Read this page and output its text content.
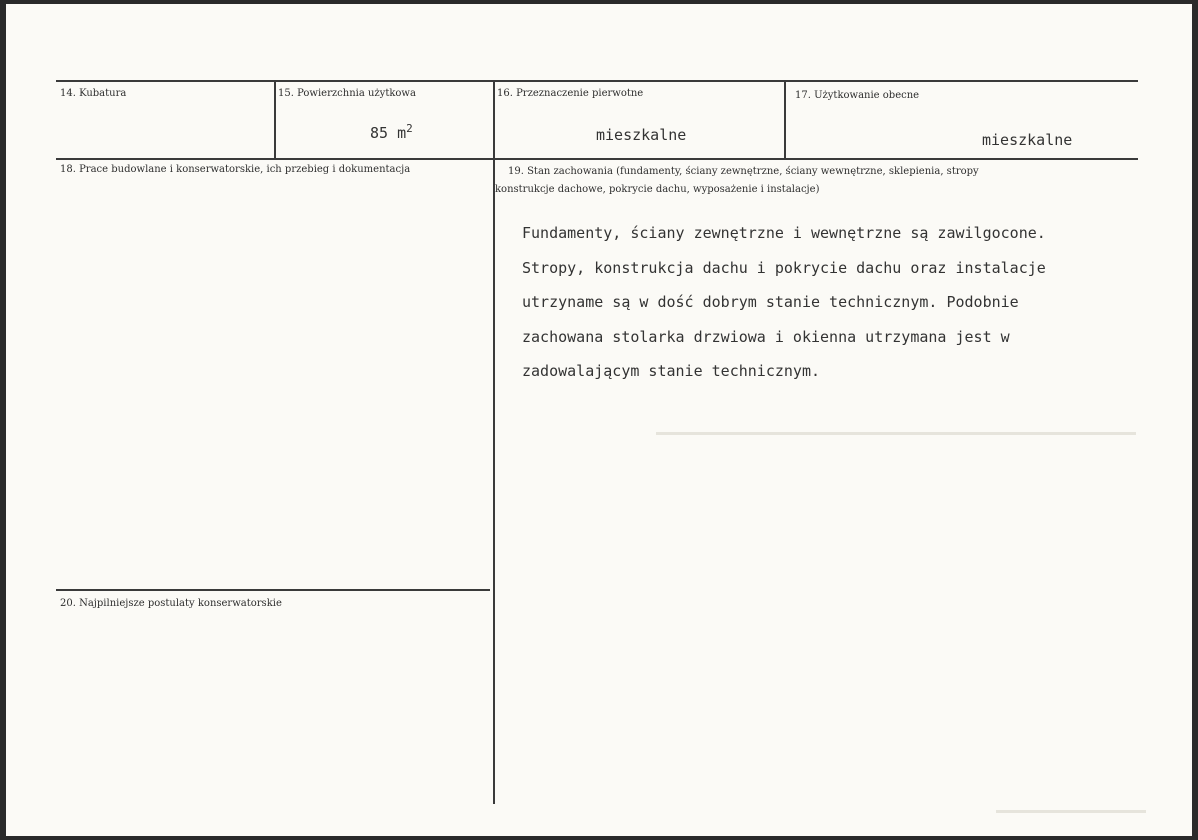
14. Kubatura	15. Powierzchnia użytkowa
85 $m^2$
16. Przeznaczenie pierwotne
mieszkalne
17. Użytkowanie obecne
mieszkalne
18. Prace budowlane i konserwatorskie, ich przebieg i dokumentacja	19. Stan zachowania (fundamenty, ściany zewnętrzne, ściany wewnętrzne, sklepienia, stropy
konstrukcje dachowe, pokrycie dachu, wyposażenie i instalacje)
Fundamenty, ściany zewnętrzne i wewnętrzne są zawilgocone.
Stropy, konstrukcja dachu i pokrycie dachu oraz instalacje
utrzyname są w dość dobrym stanie technicznym. Podobnie
zachowana stolarka drzwiowa i okienna utrzymana jest w
zadowalającym stanie technicznym.
20. Najpilniejsze postulaty konserwatorskie
